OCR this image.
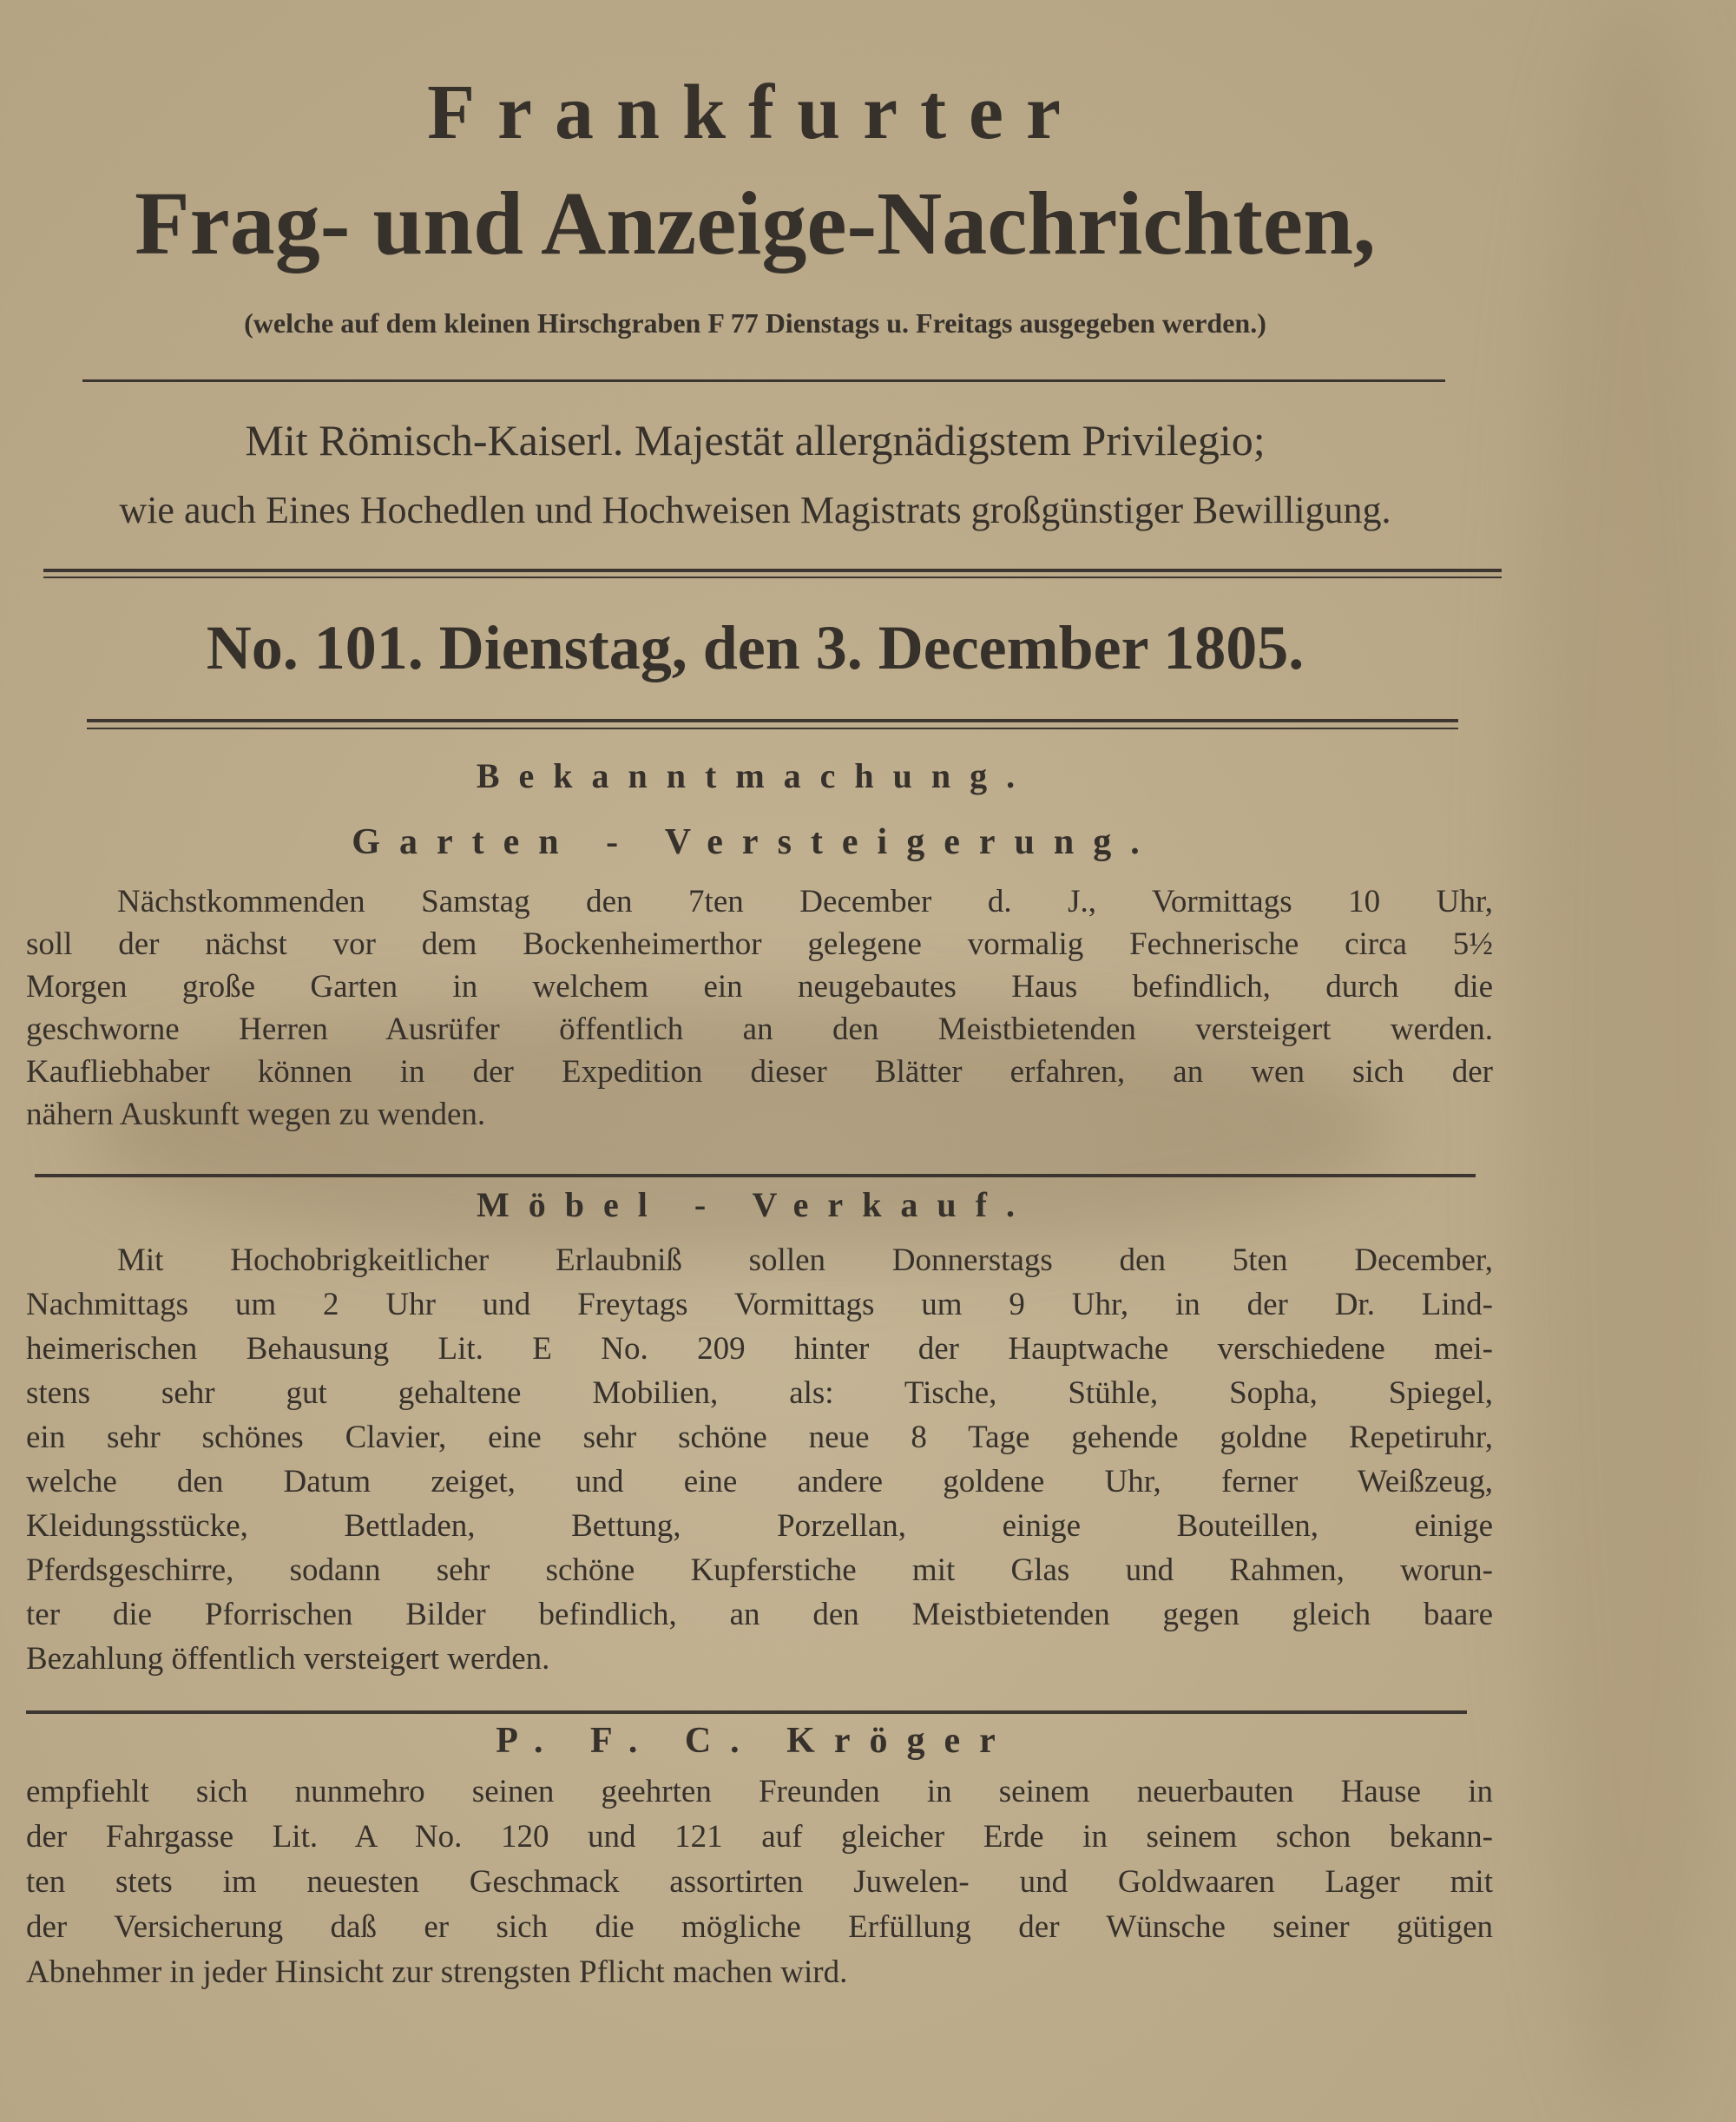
Frankfurter
Frag- und Anzeige-Nachrichten,
(welche auf dem kleinen Hirschgraben F 77 Dienstags u. Freitags ausgegeben werden.)
Mit Römisch-Kaiserl. Majestät allergnädigstem Privilegio;
wie auch Eines Hochedlen und Hochweisen Magistrats großgünstiger Bewilligung.
No. 101. Dienstag, den 3. December 1805.
Bekanntmachung.
Garten - Versteigerung.
Nächstkommenden Samstag den 7ten December d. J., Vormittags 10 Uhr,
soll der nächst vor dem Bockenheimerthor gelegene vormalig Fechnerische circa 5½
Morgen große Garten in welchem ein neugebautes Haus befindlich, durch die
geschworne Herren Ausrüfer öffentlich an den Meistbietenden versteigert werden.
Kaufliebhaber können in der Expedition dieser Blätter erfahren, an wen sich der
nähern Auskunft wegen zu wenden.
Möbel - Verkauf.
Mit Hochobrigkeitlicher Erlaubniß sollen Donnerstags den 5ten December,
Nachmittags um 2 Uhr und Freytags Vormittags um 9 Uhr, in der Dr. Lind-
heimerischen Behausung Lit. E No. 209 hinter der Hauptwache verschiedene mei-
stens sehr gut gehaltene Mobilien, als: Tische, Stühle, Sopha, Spiegel,
ein sehr schönes Clavier, eine sehr schöne neue 8 Tage gehende goldne Repetiruhr,
welche den Datum zeiget, und eine andere goldene Uhr, ferner Weißzeug,
Kleidungsstücke, Bettladen, Bettung, Porzellan, einige Bouteillen, einige
Pferdsgeschirre, sodann sehr schöne Kupferstiche mit Glas und Rahmen, worun-
ter die Pforrischen Bilder befindlich, an den Meistbietenden gegen gleich baare
Bezahlung öffentlich versteigert werden.
P. F. C. Kröger
empfiehlt sich nunmehro seinen geehrten Freunden in seinem neuerbauten Hause in
der Fahrgasse Lit. A No. 120 und 121 auf gleicher Erde in seinem schon bekann-
ten stets im neuesten Geschmack assortirten Juwelen- und Goldwaaren Lager mit
der Versicherung daß er sich die mögliche Erfüllung der Wünsche seiner gütigen
Abnehmer in jeder Hinsicht zur strengsten Pflicht machen wird.
